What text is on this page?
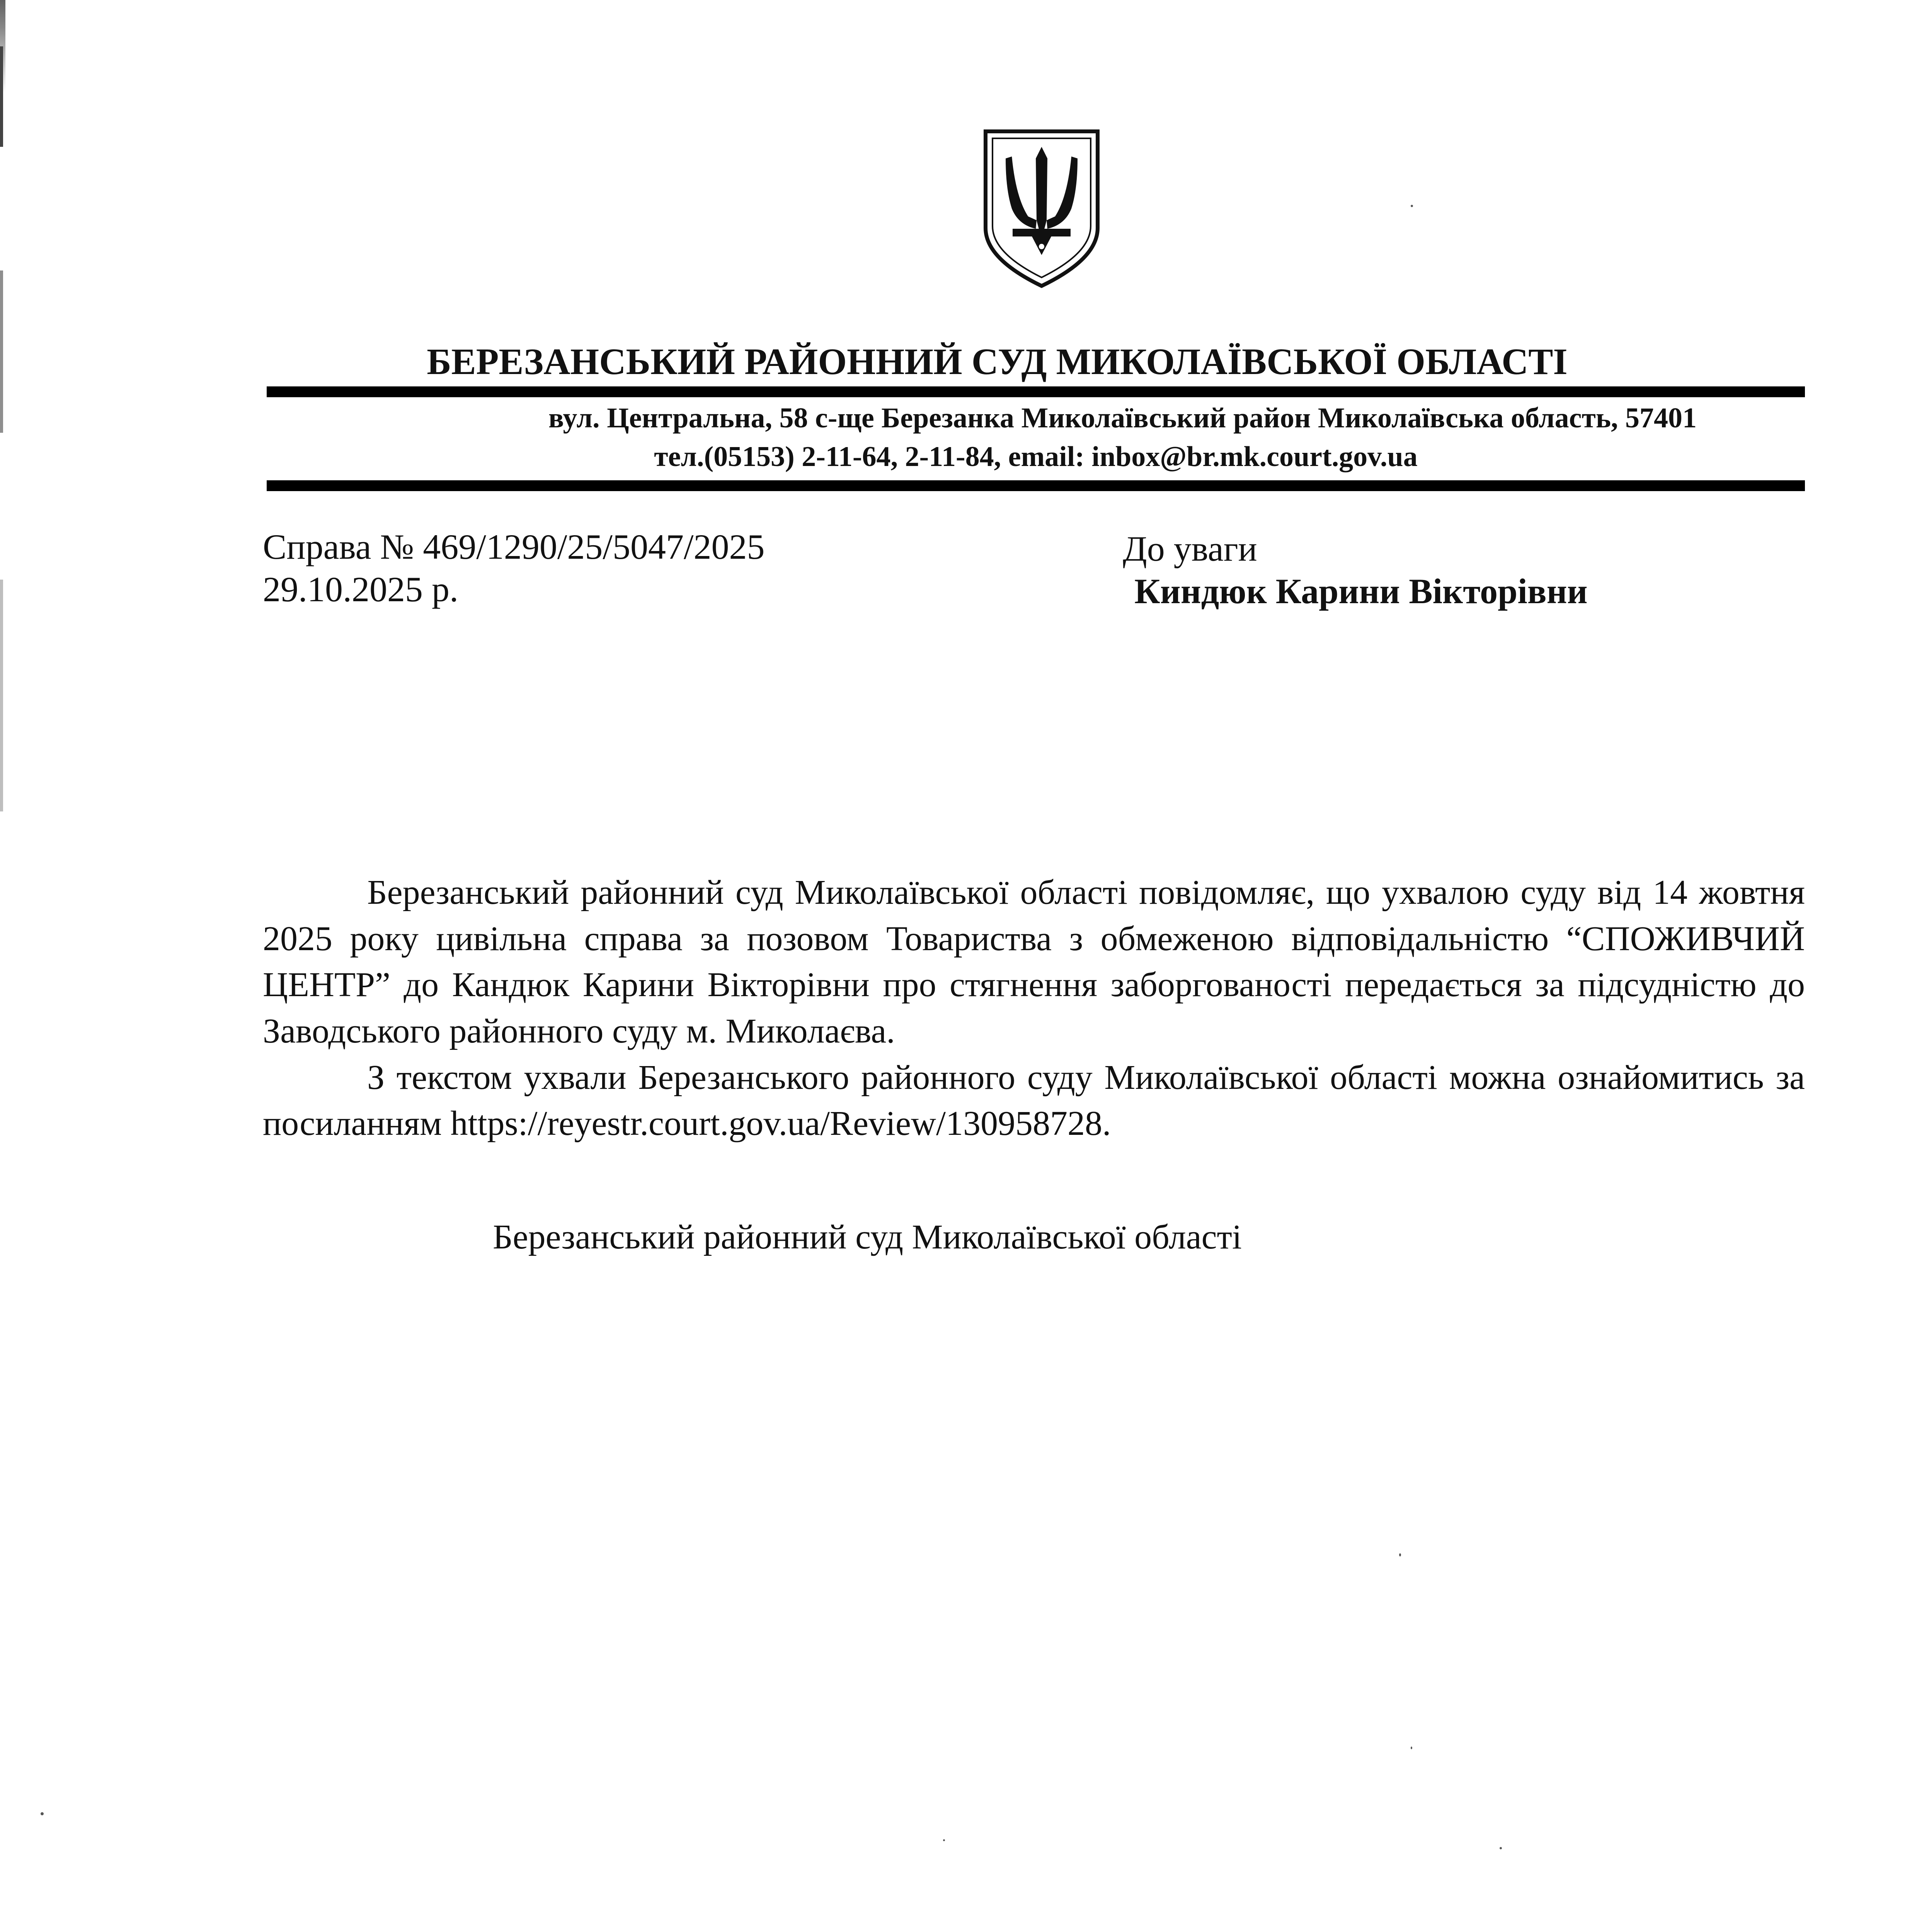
БЕРЕЗАНСЬКИЙ РАЙОННИЙ СУД МИКОЛАЇВСЬКОЇ ОБЛАСТІ
вул. Центральна, 58 с-ще Березанка Миколаївський район Миколаївська область, 57401
тел.(05153) 2-11-64, 2-11-84, email: inbox@br.mk.court.gov.ua
Справа № 469/1290/25/5047/2025
29.10.2025 р.
До уваги
Киндюк Карини Вікторівни

Березанський районний суд Миколаївської області повідомляє, що ухвалою суду від 14 жовтня 2025 року цивільна справа за позовом Товариства з обмеженою відповідальністю “СПОЖИВЧИЙ ЦЕНТР” до Кандюк Карини Вікторівни про стягнення заборгованості передається за підсудністю до Заводського районного суду м. Миколаєва.

З текстом ухвали Березанського районного суду Миколаївської області можна ознайомитись за посиланням https://reyestr.court.gov.ua/Review/130958728.

Березанський районний суд Миколаївської області
